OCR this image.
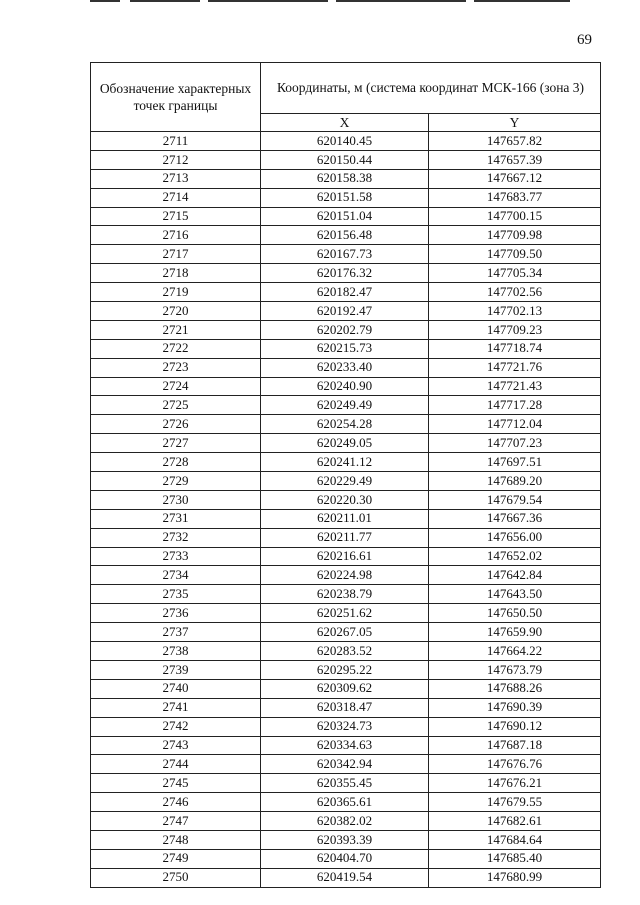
69
Обозначение характерных точек границы	Координаты, м (система координат МСК-166 (зона 3)	
	X	Y
2711	620140.45	147657.82
2712	620150.44	147657.39
2713	620158.38	147667.12
2714	620151.58	147683.77
2715	620151.04	147700.15
2716	620156.48	147709.98
2717	620167.73	147709.50
2718	620176.32	147705.34
2719	620182.47	147702.56
2720	620192.47	147702.13
2721	620202.79	147709.23
2722	620215.73	147718.74
2723	620233.40	147721.76
2724	620240.90	147721.43
2725	620249.49	147717.28
2726	620254.28	147712.04
2727	620249.05	147707.23
2728	620241.12	147697.51
2729	620229.49	147689.20
2730	620220.30	147679.54
2731	620211.01	147667.36
2732	620211.77	147656.00
2733	620216.61	147652.02
2734	620224.98	147642.84
2735	620238.79	147643.50
2736	620251.62	147650.50
2737	620267.05	147659.90
2738	620283.52	147664.22
2739	620295.22	147673.79
2740	620309.62	147688.26
2741	620318.47	147690.39
2742	620324.73	147690.12
2743	620334.63	147687.18
2744	620342.94	147676.76
2745	620355.45	147676.21
2746	620365.61	147679.55
2747	620382.02	147682.61
2748	620393.39	147684.64
2749	620404.70	147685.40
2750	620419.54	147680.99
